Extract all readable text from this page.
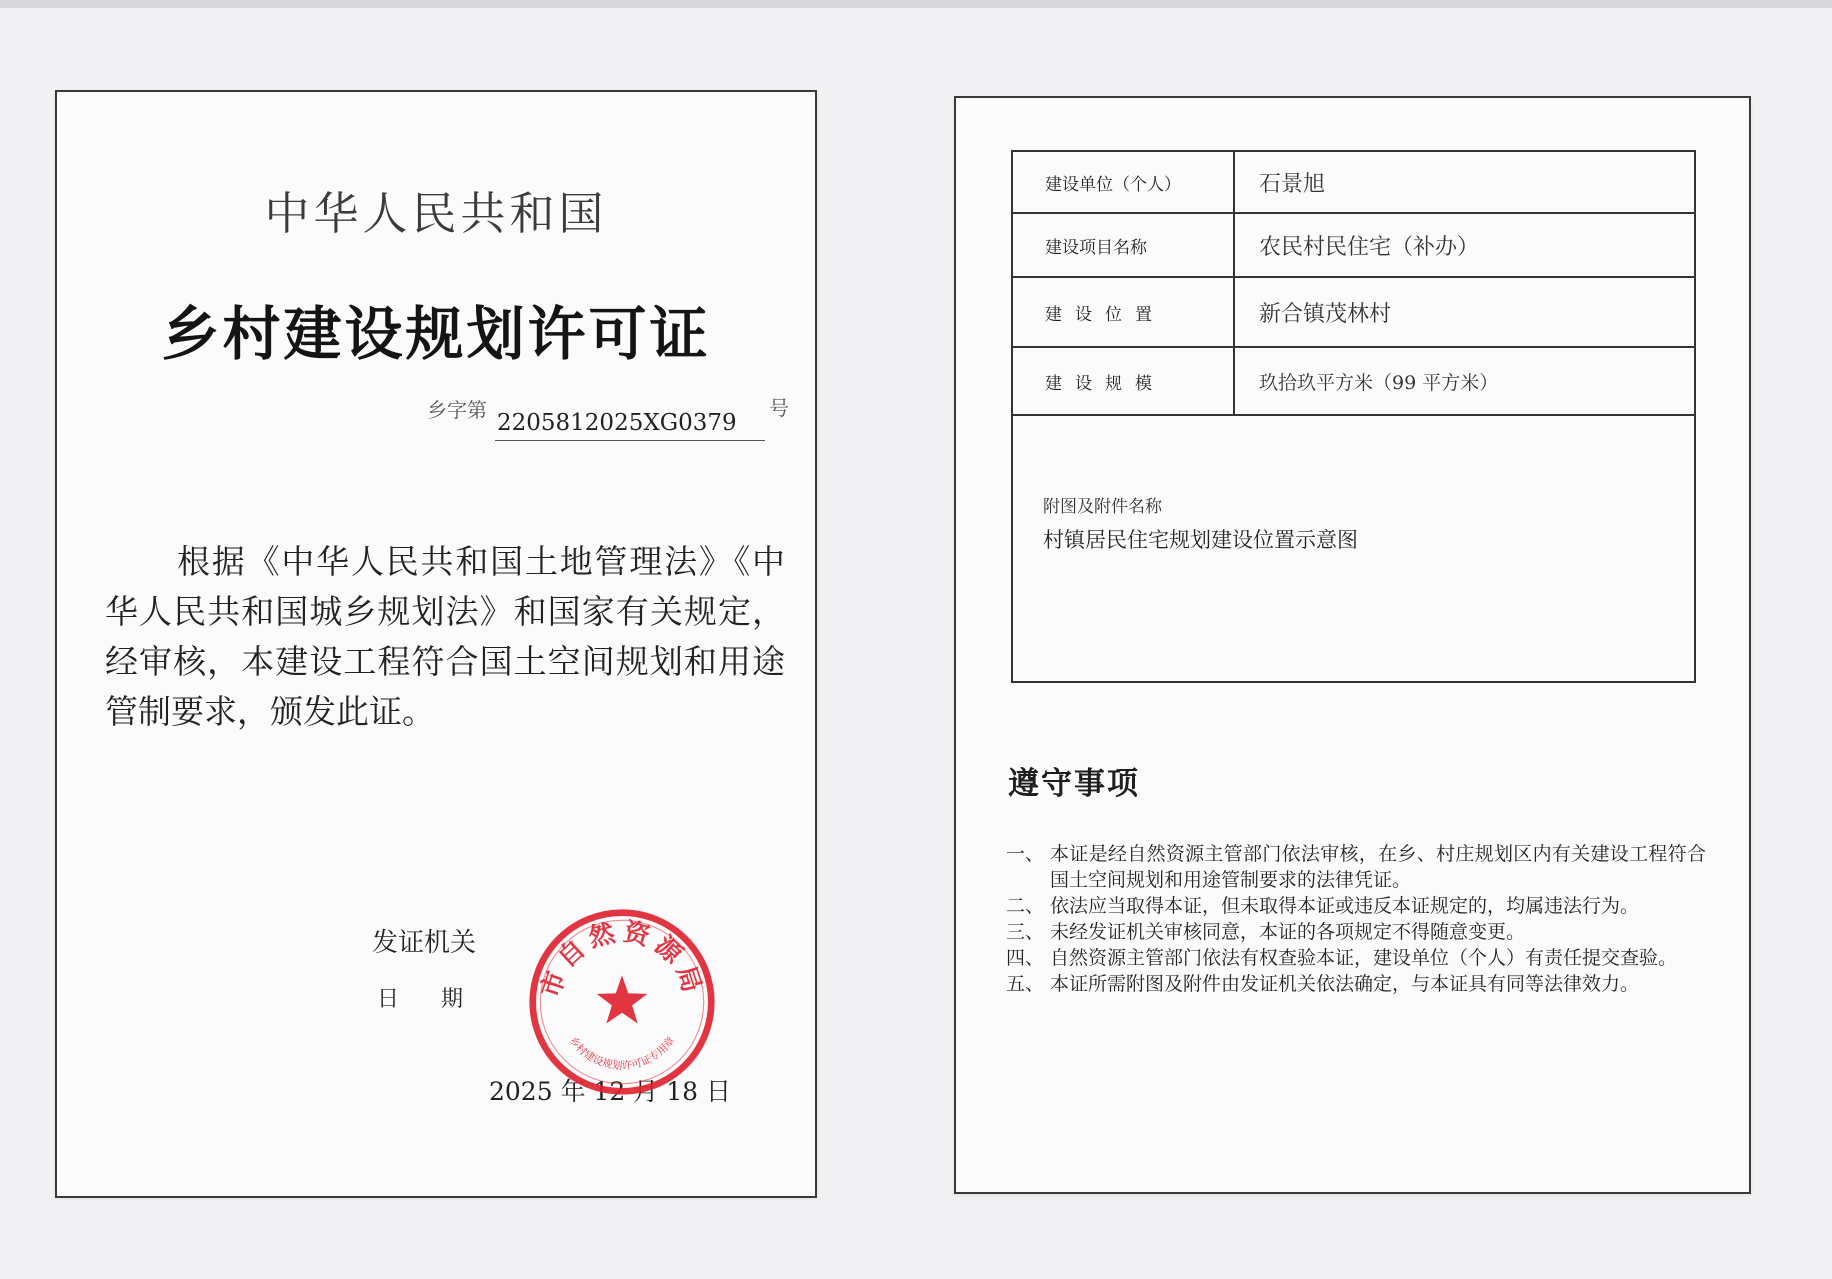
中华人民共和国
乡村建设规划许可证
乡字第 2205812025XG0379
号
根据《中华人民共和国土地管理法》《中华人民共和国城乡规划法》和国家有关规定，经审核，本建设工程符合国土空间规划和用途管制要求，颁发此证。
发证机关
日期
2025 年 12 月 18 日
市自然资源局
乡村建设规划许可证专用章
建设单位（个人）	石景旭
建设项目名称	农民村民住宅（补办）
建设位置	新合镇茂林村
建设规模	玖拾玖平方米（99 平方米）
附图及附件名称
村镇居民住宅规划建设位置示意图
遵守事项
一、 本证是经自然资源主管部门依法审核，在乡、村庄规划区内有关建设工程符合国土空间规划和用途管制要求的法律凭证。
二、 依法应当取得本证，但未取得本证或违反本证规定的，均属违法行为。
三、 未经发证机关审核同意，本证的各项规定不得随意变更。
四、 自然资源主管部门依法有权查验本证，建设单位（个人）有责任提交查验。
五、 本证所需附图及附件由发证机关依法确定，与本证具有同等法律效力。
